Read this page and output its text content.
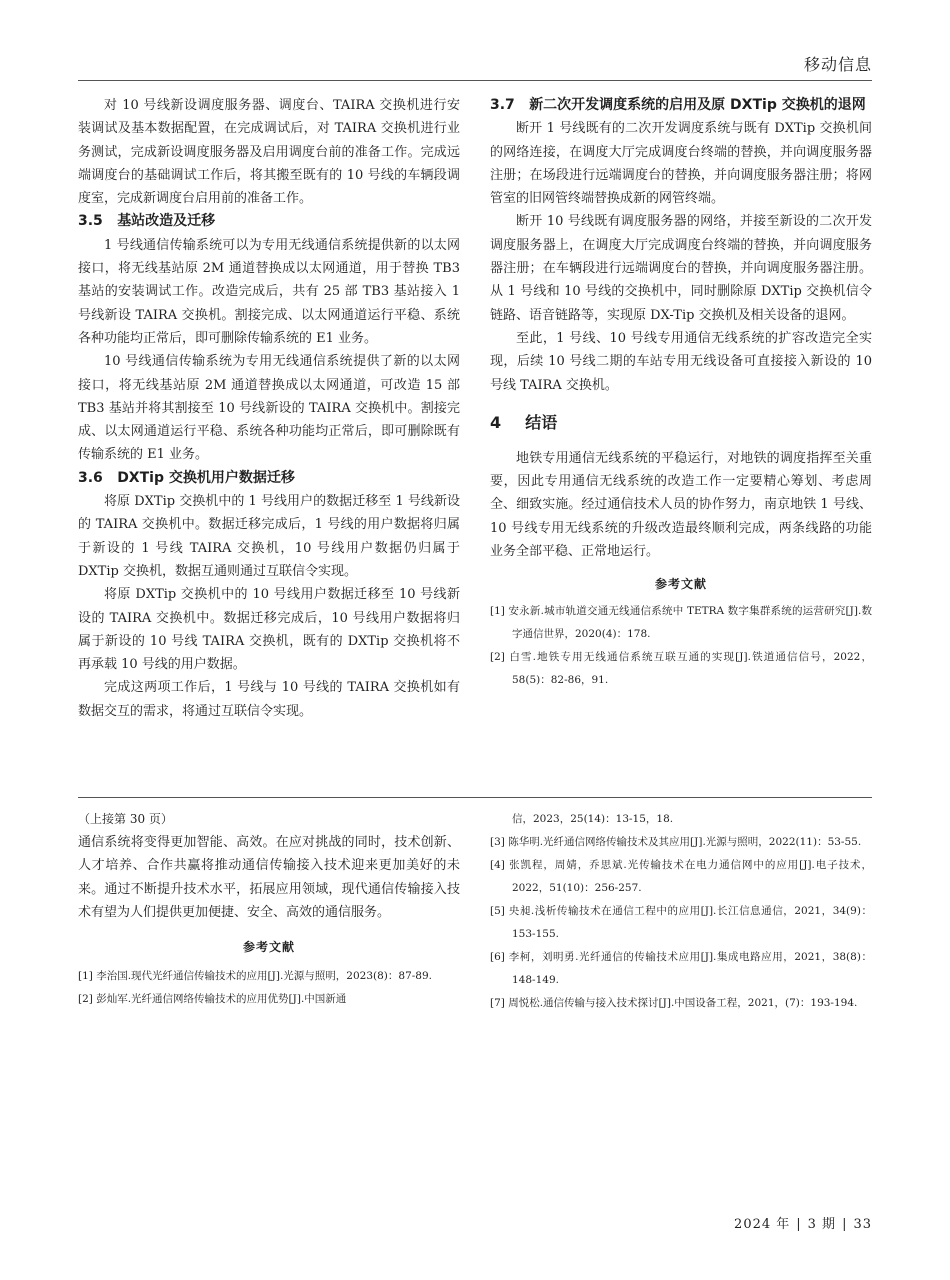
移动信息

对 10 号线新设调度服务器、调度台、TAIRA 交换机进行安装调试及基本数据配置，在完成调试后，对 TAIRA 交换机进行业务测试，完成新设调度服务器及启用调度台前的准备工作。完成远端调度台的基础调试工作后，将其搬至既有的 10 号线的车辆段调度室，完成新调度台启用前的准备工作。

3.5 基站改造及迁移

1 号线通信传输系统可以为专用无线通信系统提供新的以太网接口，将无线基站原 2M 通道替换成以太网通道，用于替换 TB3 基站的安装调试工作。改造完成后，共有 25 部 TB3 基站接入 1 号线新设 TAIRA 交换机。割接完成、以太网通道运行平稳、系统各种功能均正常后，即可删除传输系统的 E1 业务。

10 号线通信传输系统为专用无线通信系统提供了新的以太网接口，将无线基站原 2M 通道替换成以太网通道，可改造 15 部 TB3 基站并将其割接至 10 号线新设的 TAIRA 交换机中。割接完成、以太网通道运行平稳、系统各种功能均正常后，即可删除既有传输系统的 E1 业务。

3.6 DXTip 交换机用户数据迁移

将原 DXTip 交换机中的 1 号线用户的数据迁移至 1 号线新设的 TAIRA 交换机中。数据迁移完成后，1 号线的用户数据将归属于新设的 1 号线 TAIRA 交换机，10 号线用户数据仍归属于 DXTip 交换机，数据互通则通过互联信令实现。

将原 DXTip 交换机中的 10 号线用户数据迁移至 10 号线新设的 TAIRA 交换机中。数据迁移完成后，10 号线用户数据将归属于新设的 10 号线 TAIRA 交换机，既有的 DXTip 交换机将不再承载 10 号线的用户数据。

完成这两项工作后，1 号线与 10 号线的 TAIRA 交换机如有数据交互的需求，将通过互联信令实现。

3.7 新二次开发调度系统的启用及原 DXTip 交换机的退网

断开 1 号线既有的二次开发调度系统与既有 DXTip 交换机间的网络连接，在调度大厅完成调度台终端的替换，并向调度服务器注册；在场段进行远端调度台的替换，并向调度服务器注册；将网管室的旧网管终端替换成新的网管终端。

断开 10 号线既有调度服务器的网络，并接至新设的二次开发调度服务器上，在调度大厅完成调度台终端的替换，并向调度服务器注册；在车辆段进行远端调度台的替换，并向调度服务器注册。从 1 号线和 10 号线的交换机中，同时删除原 DXTip 交换机信令链路、语音链路等，实现原 DX-Tip 交换机及相关设备的退网。

至此，1 号线、10 号线专用通信无线系统的扩容改造完全实现，后续 10 号线二期的车站专用无线设备可直接接入新设的 10 号线 TAIRA 交换机。

4 结语

地铁专用通信无线系统的平稳运行，对地铁的调度指挥至关重要，因此专用通信无线系统的改造工作一定要精心筹划、考虑周全、细致实施。经过通信技术人员的协作努力，南京地铁 1 号线、10 号线专用无线系统的升级改造最终顺利完成，两条线路的功能业务全部平稳、正常地运行。

参考文献

[1] 安永新.城市轨道交通无线通信系统中 TETRA 数字集群系统的运营研究[J].数字通信世界，2020(4)：178.

[2] 白雪.地铁专用无线通信系统互联互通的实现[J].铁道通信信号，2022，58(5)：82-86，91.

（上接第 30 页）

通信系统将变得更加智能、高效。在应对挑战的同时，技术创新、人才培养、合作共赢将推动通信传输接入技术迎来更加美好的未来。通过不断提升技术水平，拓展应用领域，现代通信传输接入技术有望为人们提供更加便捷、安全、高效的通信服务。

参考文献

[1] 李治国.现代光纤通信传输技术的应用[J].光源与照明，2023(8)：87-89.

[2] 彭灿军.光纤通信网络传输技术的应用优势[J].中国新通

信，2023，25(14)：13-15，18.

[3] 陈华明.光纤通信网络传输技术及其应用[J].光源与照明，2022(11)：53-55.

[4] 张凯程，周婧，乔思斌.光传输技术在电力通信网中的应用[J].电子技术，2022，51(10)：256-257.

[5] 央昶.浅析传输技术在通信工程中的应用[J].长江信息通信，2021，34(9)：153-155.

[6] 李柯，刘明勇.光纤通信的传输技术应用[J].集成电路应用，2021，38(8)：148-149.

[7] 周悦松.通信传输与接入技术探讨[J].中国设备工程，2021，(7)：193-194.

2024 年 | 3 期 | 33
